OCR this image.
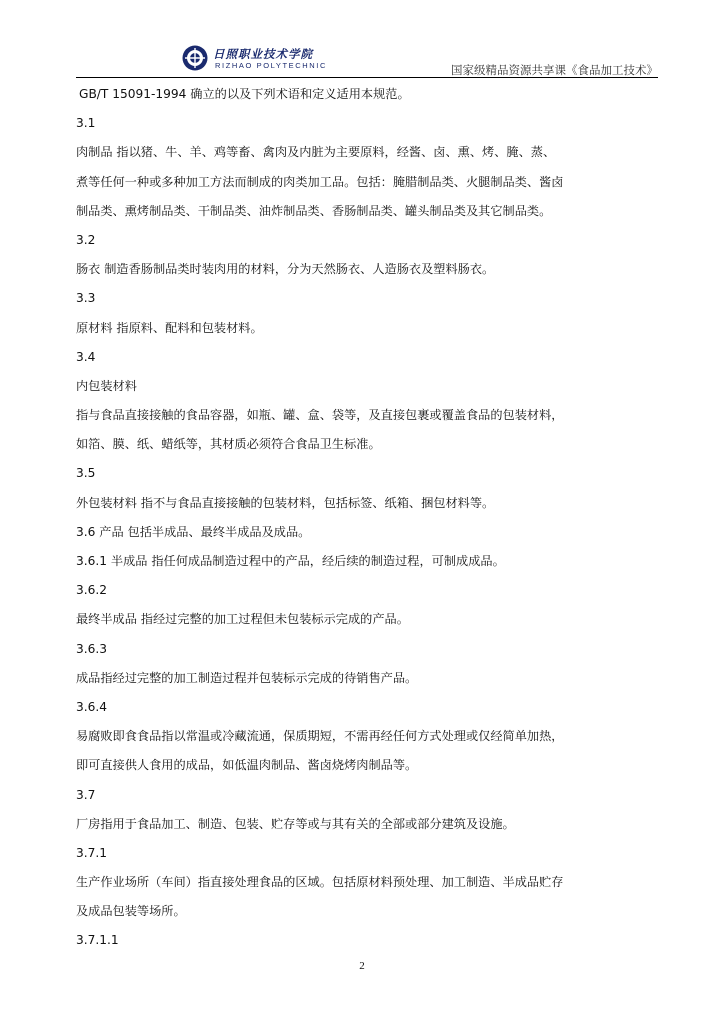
日照职业技术学院
RIZHAO POLYTECHNIC	国家级精品资源共享课《食品加工技术》
GB/T 15091-1994 确立的以及下列术语和定义适用本规范。
3.1
肉制品 指以猪、牛、羊、鸡等畜、禽肉及内脏为主要原料，经酱、卤、熏、烤、腌、蒸、
煮等任何一种或多种加工方法而制成的肉类加工品。包括：腌腊制品类、火腿制品类、酱卤
制品类、熏烤制品类、干制品类、油炸制品类、香肠制品类、罐头制品类及其它制品类。
3.2
肠衣 制造香肠制品类时装肉用的材料，分为天然肠衣、人造肠衣及塑料肠衣。
3.3
原材料 指原料、配料和包装材料。
3.4
内包装材料
指与食品直接接触的食品容器，如瓶、罐、盒、袋等，及直接包裹或覆盖食品的包装材料，
如箔、膜、纸、蜡纸等，其材质必须符合食品卫生标准。
3.5
外包装材料 指不与食品直接接触的包装材料，包括标签、纸箱、捆包材料等。
3.6 产品 包括半成品、最终半成品及成品。
3.6.1 半成品 指任何成品制造过程中的产品，经后续的制造过程，可制成成品。
3.6.2
最终半成品 指经过完整的加工过程但未包装标示完成的产品。
3.6.3
成品指经过完整的加工制造过程并包装标示完成的待销售产品。
3.6.4
易腐败即食食品指以常温或冷藏流通，保质期短，不需再经任何方式处理或仅经简单加热，
即可直接供人食用的成品，如低温肉制品、酱卤烧烤肉制品等。
3.7
厂房指用于食品加工、制造、包装、贮存等或与其有关的全部或部分建筑及设施。
3.7.1
生产作业场所（车间）指直接处理食品的区域。包括原材料预处理、加工制造、半成品贮存
及成品包装等场所。
3.7.1.1
2
